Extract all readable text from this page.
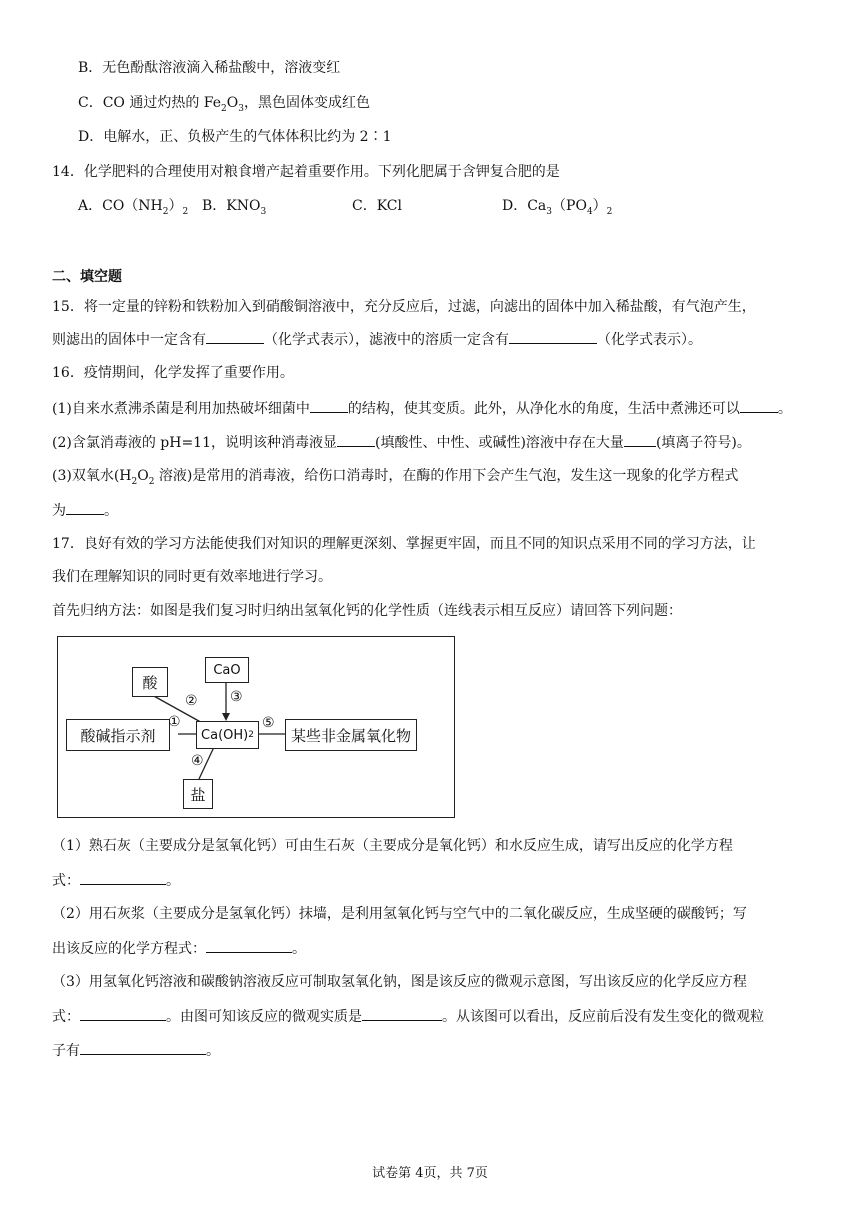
B．无色酚酞溶液滴入稀盐酸中，溶液变红
C．CO 通过灼热的 $Fe_2O_3$，黑色固体变成红色
D．电解水，正、负极产生的气体体积比约为 2∶1
14．化学肥料的合理使用对粮食增产起着重要作用。下列化肥属于含钾复合肥的是
A．$CO(NH_2)_2$ B．$KNO_3$	C．KCl	D．$Ca_3(PO_4)_2$
二、填空题
15．将一定量的锌粉和铁粉加入到硝酸铜溶液中，充分反应后，过滤，向滤出的固体中加入稀盐酸，有气泡产生，
则滤出的固体中一定含有	（化学式表示），滤液中的溶质一定含有	（化学式表示）。
16．疫情期间，化学发挥了重要作用。
(1)自来水煮沸杀菌是利用加热破坏细菌中	的结构，使其变质。此外，从净化水的角度，生活中煮沸还可以	。
(2)含氯消毒液的 pH=11，说明该种消毒液显	(填酸性、中性、或碱性)溶液中存在大量 (填离子符号)。
(3)双氧水($H_2O_2$ 溶液)是常用的消毒液，给伤口消毒时，在酶的作用下会产生气泡，发生这一现象的化学方程式
为	。
17．良好有效的学习方法能使我们对知识的理解更深刻、掌握更牢固，而且不同的知识点采用不同的学习方法，让
我们在理解知识的同时更有效率地进行学习。
首先归纳方法：如图是我们复习时归纳出氢氧化钙的化学性质（连线表示相互反应）请回答下列问题：
酸
CaO
酸碱指示剂	Ca(OH) 2	某些非金属氧化物
盐
①
② ③
④
⑤
（1）熟石灰（主要成分是氢氧化钙）可由生石灰（主要成分是氧化钙）和水反应生成，请写出反应的化学方程
式：	。
（2）用石灰浆（主要成分是氢氧化钙）抹墙，是利用氢氧化钙与空气中的二氧化碳反应，生成坚硬的碳酸钙；写
出该反应的化学方程式：	。
（3）用氢氧化钙溶液和碳酸钠溶液反应可制取氢氧化钠，图是该反应的微观示意图，写出该反应的化学反应方程
式：	。由图可知该反应的微观实质是	。从该图可以看出，反应前后没有发生变化的微观粒
子有	。
试卷第 4页，共 7页
